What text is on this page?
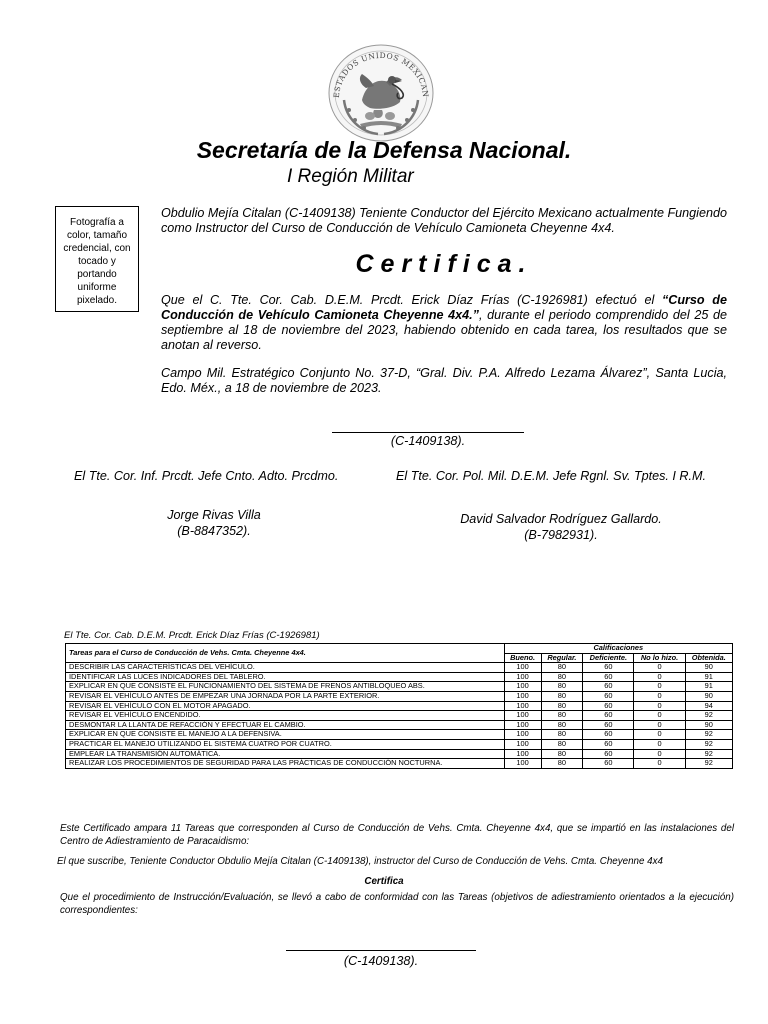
ESTADOS UNIDOS MEXICAN
Secretaría de la Defensa Nacional.
I Región Militar
Fotografía a color, tamaño credencial, con tocado y portando uniforme pixelado.
Obdulio Mejía Citalan (C-1409138) Teniente Conductor del Ejército Mexicano actualmente Fungiendo como Instructor del Curso de Conducción de Vehículo Camioneta Cheyenne 4x4.
Certifica.
Que el C. Tte. Cor. Cab. D.E.M. Prcdt. Erick Díaz Frías (C-1926981) efectuó el “Curso de Conducción de Vehículo Camioneta Cheyenne 4x4.”, durante el periodo comprendido del 25 de septiembre al 18 de noviembre del 2023, habiendo obtenido en cada tarea, los resultados que se anotan al reverso.
Campo Mil. Estratégico Conjunto No. 37-D, “Gral. Div. P.A. Alfredo Lezama Álvarez”, Santa Lucia, Edo. Méx., a 18 de noviembre de 2023.
(C-1409138).
El Tte. Cor. Inf. Prcdt. Jefe Cnto. Adto. Prcdmo.	El Tte. Cor. Pol. Mil. D.E.M. Jefe Rgnl. Sv. Tptes. I R.M.
Jorge Rivas Villa
(B-8847352).
David Salvador Rodríguez Gallardo.
(B-7982931).
El Tte. Cor. Cab. D.E.M. Prcdt. Erick Díaz Frías (C-1926981)
Tareas para el Curso de Conducción de Vehs. Cmta. Cheyenne 4x4.	Calificaciones				
	Bueno.	Regular.	Deficiente.	No lo hizo.	Obtenida.
DESCRIBIR LAS CARACTERÍSTICAS DEL VEHÍCULO.	100	80	60	0	90
IDENTIFICAR LAS LUCES INDICADORES DEL TABLERO.	100	80	60	0	91
EXPLICAR EN QUE CONSISTE EL FUNCIONAMIENTO DEL SISTEMA DE FRENOS ANTIBLOQUEO ABS.	100	80	60	0	91
REVISAR EL VEHÍCULO ANTES DE EMPEZAR UNA JORNADA POR LA PARTE EXTERIOR.	100	80	60	0	90
REVISAR EL VEHÍCULO CON EL MOTOR APAGADO.	100	80	60	0	94
REVISAR EL VEHÍCULO ENCENDIDO.	100	80	60	0	92
DESMONTAR LA LLANTA DE REFACCIÓN Y EFECTUAR EL CAMBIO.	100	80	60	0	90
EXPLICAR EN QUE CONSISTE EL MANEJO A LA DEFENSIVA.	100	80	60	0	92
PRACTICAR EL MANEJO UTILIZANDO EL SISTEMA CUATRO POR CUATRO.	100	80	60	0	92
EMPLEAR LA TRANSMISIÓN AUTOMÁTICA.	100	80	60	0	92
REALIZAR LOS PROCEDIMIENTOS DE SEGURIDAD PARA LAS PRÁCTICAS DE CONDUCCIÓN NOCTURNA.	100	80	60	0	92
Este Certificado ampara 11 Tareas que corresponden al Curso de Conducción de Vehs. Cmta. Cheyenne 4x4, que se impartió en las instalaciones del Centro de Adiestramiento de Paracaidismo:
El que suscribe, Teniente Conductor Obdulio Mejía Citalan (C-1409138), instructor del Curso de Conducción de Vehs. Cmta. Cheyenne 4x4
Certifica
Que el procedimiento de Instrucción/Evaluación, se llevó a cabo de conformidad con las Tareas (objetivos de adiestramiento orientados a la ejecución) correspondientes:
(C-1409138).
